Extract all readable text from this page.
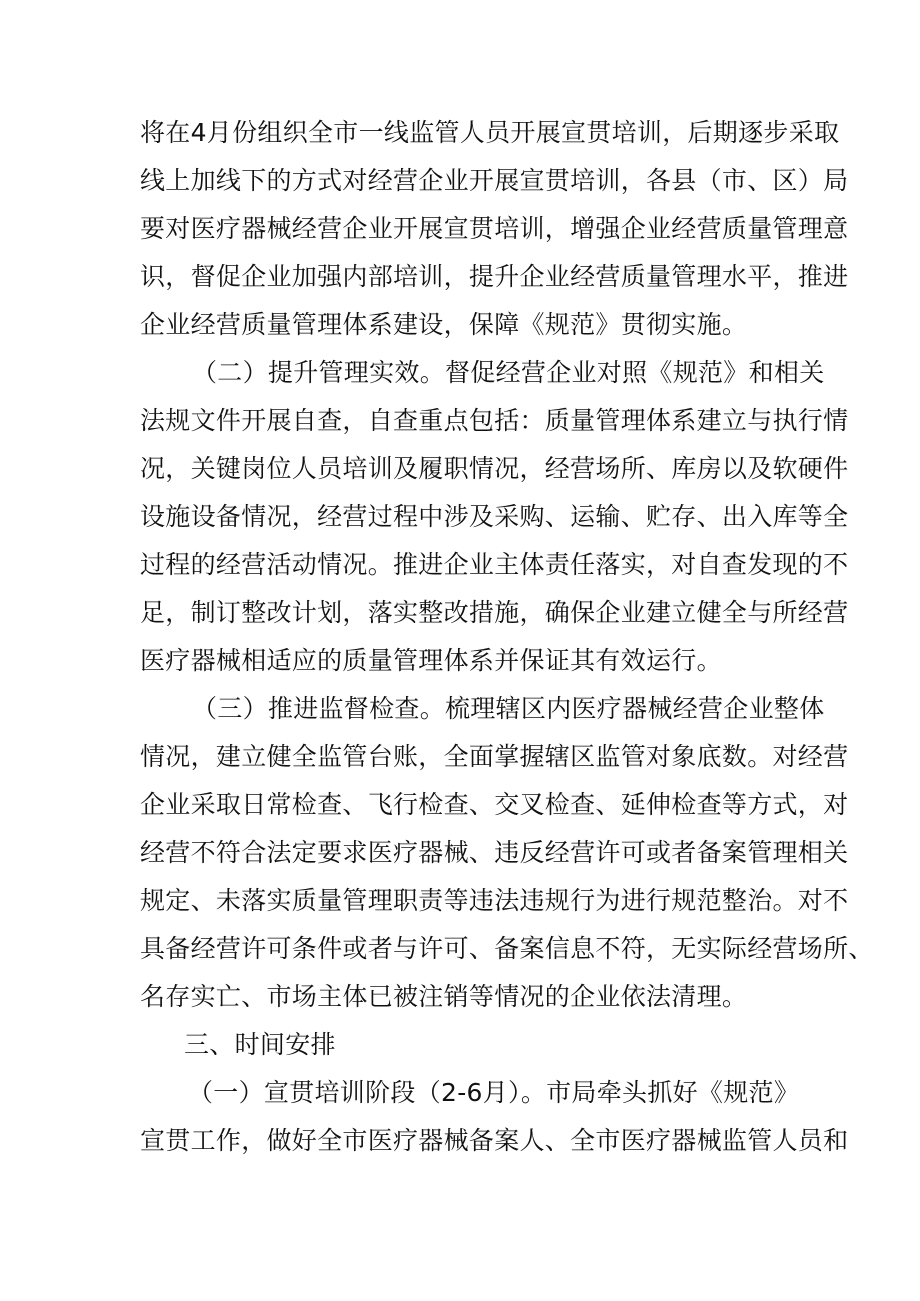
将在4月份组织全市一线监管人员开展宣贯培训，后期逐步采取
线上加线下的方式对经营企业开展宣贯培训，各县（市、区）局
要对医疗器械经营企业开展宣贯培训，增强企业经营质量管理意
识，督促企业加强内部培训，提升企业经营质量管理水平，推进
企业经营质量管理体系建设，保障《规范》贯彻实施。
（二）提升管理实效。督促经营企业对照《规范》和相关
法规文件开展自查，自查重点包括：质量管理体系建立与执行情
况，关键岗位人员培训及履职情况，经营场所、库房以及软硬件
设施设备情况，经营过程中涉及采购、运输、贮存、出入库等全
过程的经营活动情况。推进企业主体责任落实，对自查发现的不
足，制订整改计划，落实整改措施，确保企业建立健全与所经营
医疗器械相适应的质量管理体系并保证其有效运行。
（三）推进监督检查。梳理辖区内医疗器械经营企业整体
情况，建立健全监管台账，全面掌握辖区监管对象底数。对经营
企业采取日常检查、飞行检查、交叉检查、延伸检查等方式，对
经营不符合法定要求医疗器械、违反经营许可或者备案管理相关
规定、未落实质量管理职责等违法违规行为进行规范整治。对不
具备经营许可条件或者与许可、备案信息不符，无实际经营场所、
名存实亡、市场主体已被注销等情况的企业依法清理。
三、时间安排
（一）宣贯培训阶段（2-6月）。市局牵头抓好《规范》
宣贯工作，做好全市医疗器械备案人、全市医疗器械监管人员和
